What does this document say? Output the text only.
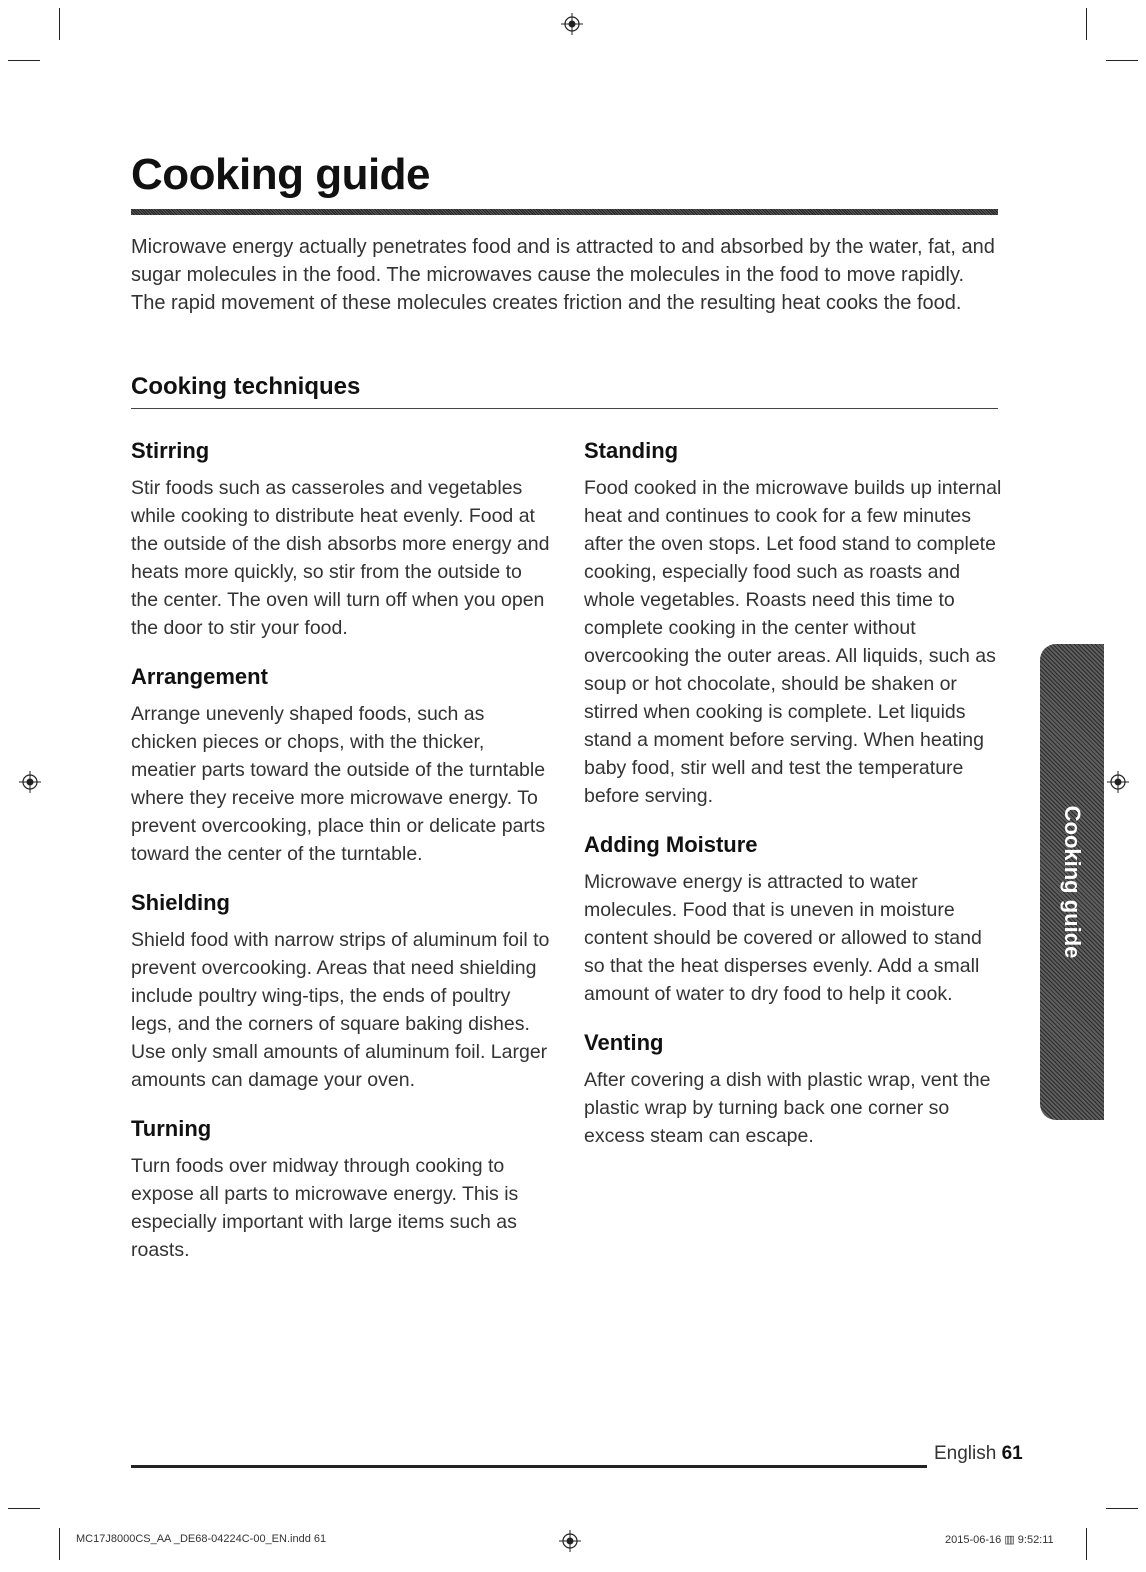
Cooking guide

Microwave energy actually penetrates food and is attracted to and absorbed by the water, fat, and sugar molecules in the food. The microwaves cause the molecules in the food to move rapidly. The rapid movement of these molecules creates friction and the resulting heat cooks the food.

Cooking techniques
Stirring

Stir foods such as casseroles and vegetables while cooking to distribute heat evenly. Food at the outside of the dish absorbs more energy and heats more quickly, so stir from the outside to the center. The oven will turn off when you open the door to stir your food.

Arrangement

Arrange unevenly shaped foods, such as chicken pieces or chops, with the thicker, meatier parts toward the outside of the turntable where they receive more microwave energy. To prevent overcooking, place thin or delicate parts toward the center of the turntable.

Shielding

Shield food with narrow strips of aluminum foil to prevent overcooking. Areas that need shielding include poultry wing-tips, the ends of poultry legs, and the corners of square baking dishes. Use only small amounts of aluminum foil. Larger amounts can damage your oven.

Turning

Turn foods over midway through cooking to expose all parts to microwave energy. This is especially important with large items such as roasts.

Standing

Food cooked in the microwave builds up internal heat and continues to cook for a few minutes after the oven stops. Let food stand to complete cooking, especially food such as roasts and whole vegetables. Roasts need this time to complete cooking in the center without overcooking the outer areas. All liquids, such as soup or hot chocolate, should be shaken or stirred when cooking is complete. Let liquids stand a moment before serving. When heating baby food, stir well and test the temperature before serving.

Adding Moisture

Microwave energy is attracted to water molecules. Food that is uneven in moisture content should be covered or allowed to stand so that the heat disperses evenly. Add a small amount of water to dry food to help it cook.

Venting

After covering a dish with plastic wrap, vent the plastic wrap by turning back one corner so excess steam can escape.

Cooking guide
English 61
MC17J8000CS_AA _DE68-04224C-00_EN.indd 61	2015-06-16 ▥ 9:52:11
